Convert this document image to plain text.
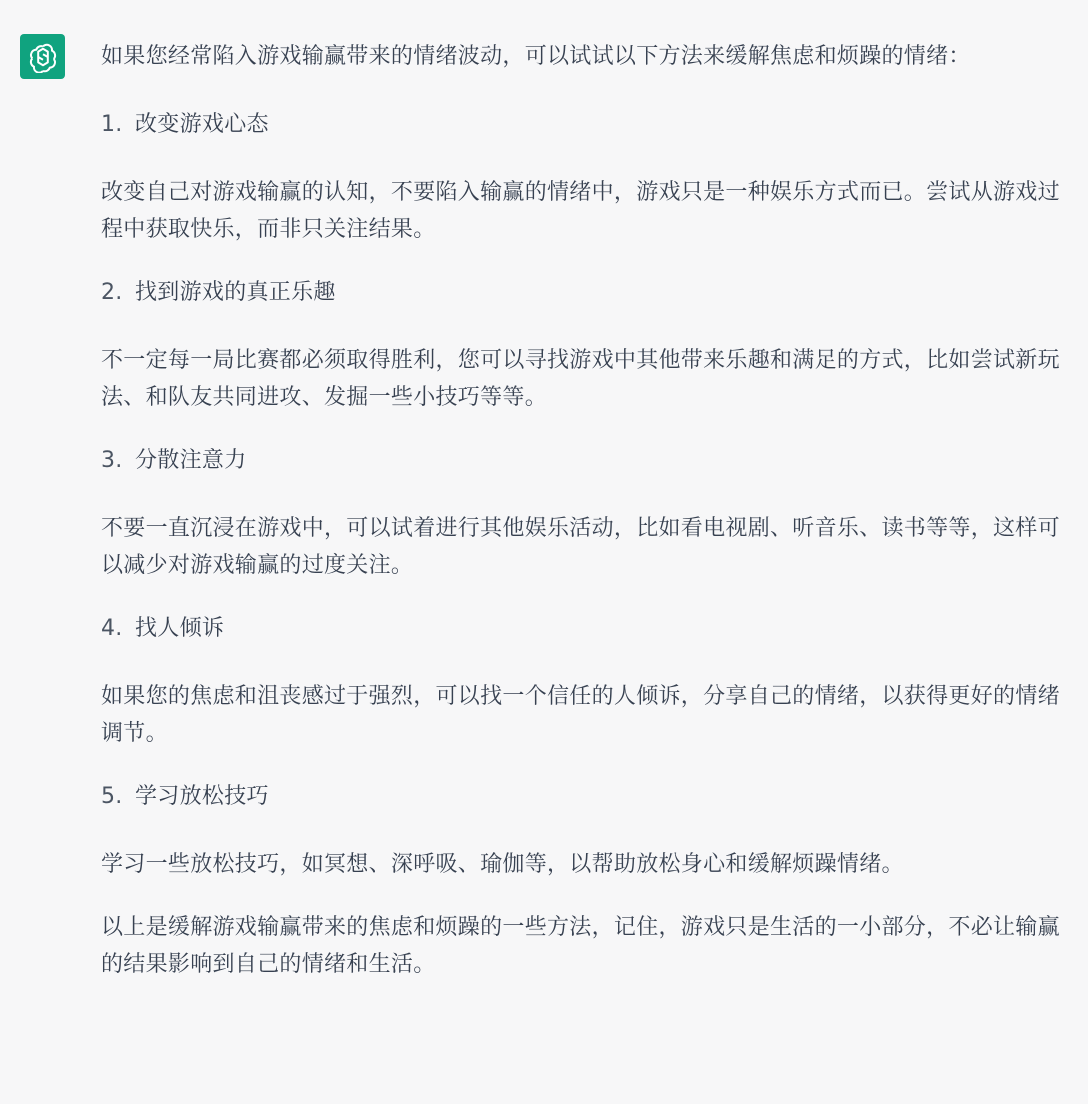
如果您经常陷入游戏输赢带来的情绪波动，可以试试以下方法来缓解焦虑和烦躁的情绪：

1. 改变游戏心态

改变自己对游戏输赢的认知，不要陷入输赢的情绪中，游戏只是一种娱乐方式而已。尝试从游戏过程中获取快乐，而非只关注结果。

2. 找到游戏的真正乐趣

不一定每一局比赛都必须取得胜利，您可以寻找游戏中其他带来乐趣和满足的方式，比如尝试新玩法、和队友共同进攻、发掘一些小技巧等等。

3. 分散注意力

不要一直沉浸在游戏中，可以试着进行其他娱乐活动，比如看电视剧、听音乐、读书等等，这样可以减少对游戏输赢的过度关注。

4. 找人倾诉

如果您的焦虑和沮丧感过于强烈，可以找一个信任的人倾诉，分享自己的情绪，以获得更好的情绪调节。

5. 学习放松技巧

学习一些放松技巧，如冥想、深呼吸、瑜伽等，以帮助放松身心和缓解烦躁情绪。

以上是缓解游戏输赢带来的焦虑和烦躁的一些方法，记住，游戏只是生活的一小部分，不必让输赢的结果影响到自己的情绪和生活。
